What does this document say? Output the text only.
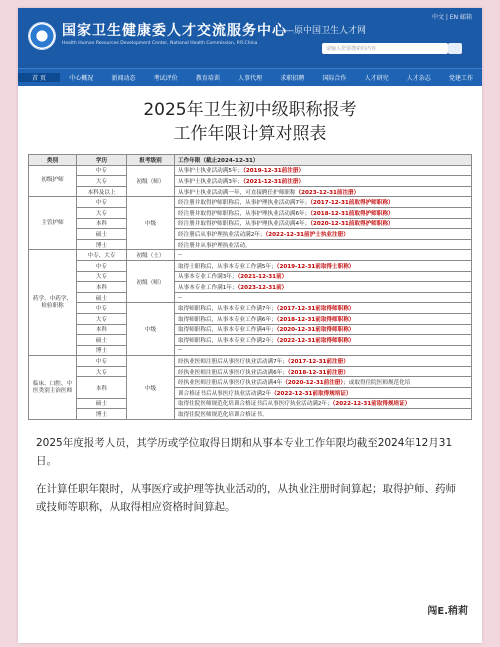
中文 | EN 邮箱
国家卫生健康委人才交流服务中心
Health Human Resources Development Center, National Health Commission, P.R.China
——原中国卫生人才网
请输入您要搜索的内容
首 页	中心概况	新闻动态	考试评价	教育培训	人事代理	求职招聘	国际合作	人才研究	人才杂志	党建工作
2025年卫生初中级职称报考
工作年限计算对照表
类别	学历	报考级别	工作年限（截止2024-12-31）
初级护师	中专	初级（师）	从事护士执业活动满5年；（2019-12-31前注册）
	大专		从事护士执业活动满3年；（2021-12-31前注册）
	本科及以上		从事护士执业活动满一年，可直接聘任护师职称（2023-12-31前注册）
主管护师	中专	中级	经注册并取得护师职称后，从事护理执业活动满7年；（2017-12-31前取得护师职称）
	大专		经注册并取得护师职称后，从事护理执业活动满6年；（2018-12-31前取得护师职称）
	本科		经注册并取得护师职称后，从事护理执业活动满4年；（2020-12-31前取得护师职称）
	硕士		经注册后从事护理执业活动满2年；（2022-12-31前护士执业注册）
	博士		经注册并从事护理执业活动。
药学、中药学、检验职称	中专、大专	初级（士）	--
	中专	初级（师）	取得士职称后，从事本专业工作满5年；（2019-12-31前取得士职称）
	大专		从事本专业工作满3年；（2021-12-31前）
	本科		从事本专业工作满1年；（2023-12-31前）
	硕士		--
	中专	中级	取得师职称后，从事本专业工作满7年；（2017-12-31前取得师职称）
	大专		取得师职称后，从事本专业工作满6年；（2018-12-31前取得师职称）
	本科		取得师职称后，从事本专业工作满4年；（2020-12-31前取得师职称）
	硕士		取得师职称后，从事本专业工作满2年；（2022-12-31前取得师职称）
	博士		--
临床、口腔、中医类别主治医师	中专	中级	经执业医师注册后从事医疗执业活动满7年；（2017-12-31前注册）
	大专		经执业医师注册后从事医疗执业活动满6年；（2018-12-31前注册）
	本科		经执业医师注册后从事医疗执业活动满4年（2020-12-31前注册）；或取得住院医师规范化培
			训合格证书后从事医疗执业活动满2年（2022-12-31前取得规培证）
	硕士		取得住院医师规范化培训合格证书后从事医疗执业活动满2年；（2022-12-31前取得规培证）
	博士		取得住院医师规范化培训合格证书。

2025年度报考人员，其学历或学位取得日期和从事本专业工作年限均截至2024年12月31日。

在计算任职年限时，从事医疗或护理等执业活动的，从执业注册时间算起；取得护师、药师或技师等职称，从取得相应资格时间算起。

闯E.稍莉
